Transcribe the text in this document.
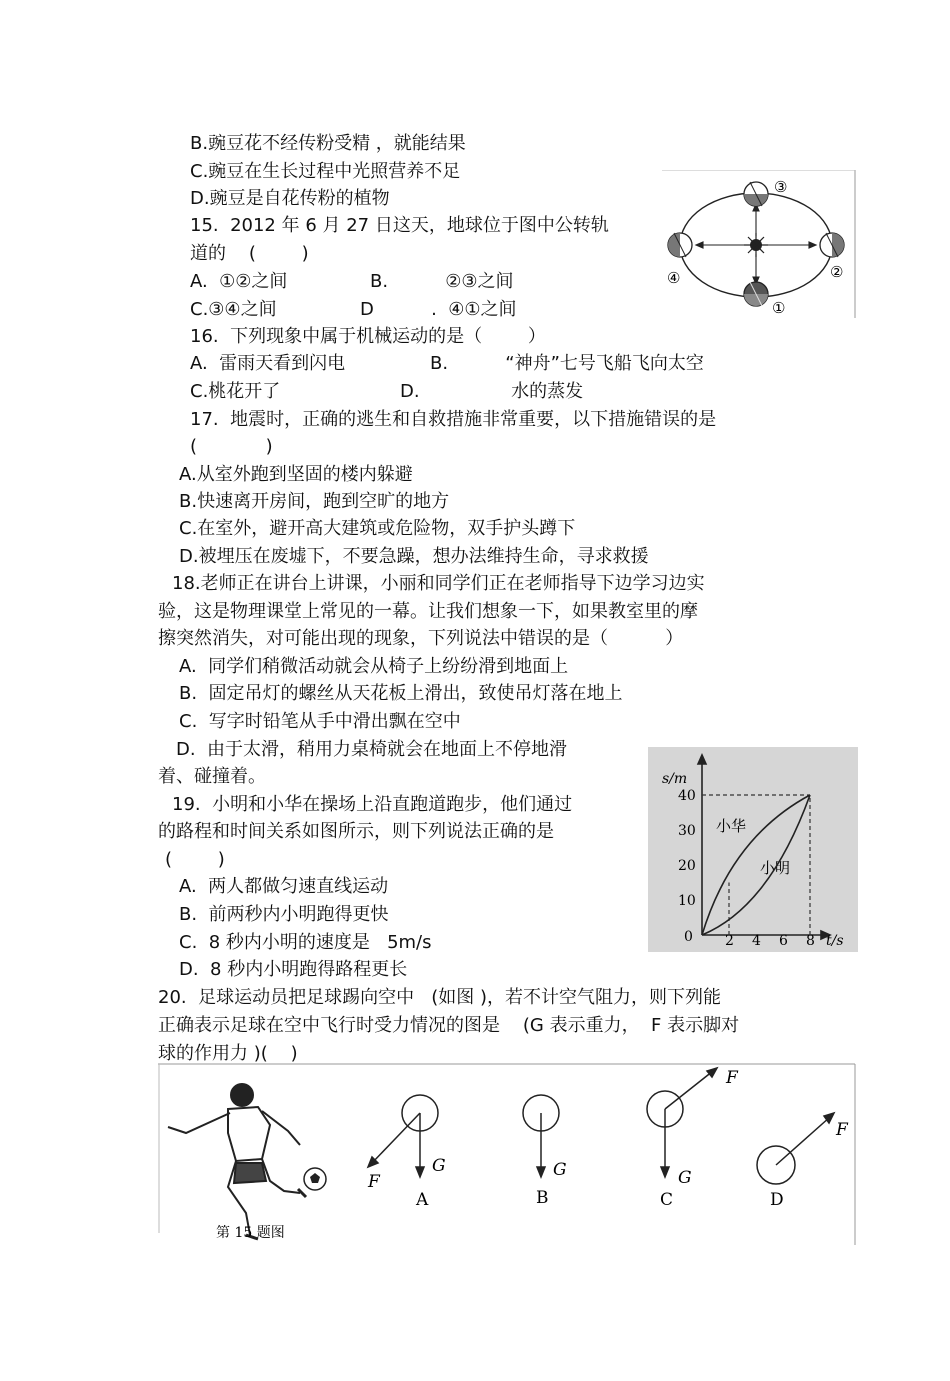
B.豌豆花不经传粉受精 ，就能结果
C.豌豆在生长过程中光照营养不足
D.豌豆是自花传粉的植物
15.  2012 年 6 月 27 日这天，地球位于图中公转轨
道的    (        )
A.  ①②之间	B.          ②③之间
C.③④之间	D          .  ④①之间
16.  下列现象中属于机械运动的是（        ）
A.  雷雨天看到闪电	B.          “神舟”七号飞船飞向太空
C.桃花开了	D.                水的蒸发
17.  地震时，正确的逃生和自救措施非常重要，以下措施错误的是
(            )
A.从室外跑到坚固的楼内躲避
B.快速离开房间，跑到空旷的地方
C.在室外，避开高大建筑或危险物，双手护头蹲下
D.被埋压在废墟下，不要急躁，想办法维持生命，寻求救援
18.老师正在讲台上讲课，小丽和同学们正在老师指导下边学习边实
验，这是物理课堂上常见的一幕。让我们想象一下，如果教室里的摩
擦突然消失，对可能出现的现象，下列说法中错误的是（          ）
A.  同学们稍微活动就会从椅子上纷纷滑到地面上
B.  固定吊灯的螺丝从天花板上滑出，致使吊灯落在地上
C.  写字时铅笔从手中滑出飘在空中
D.  由于太滑，稍用力桌椅就会在地面上不停地滑
着、碰撞着。
19.  小明和小华在操场上沿直跑道跑步，他们通过
的路程和时间关系如图所示，则下列说法正确的是
(        )
A.  两人都做匀速直线运动
B.  前两秒内小明跑得更快
C.  8 秒内小明的速度是   5m/s
D.  8 秒内小明跑得路程更长
20.  足球运动员把足球踢向空中   (如图 )，若不计空气阻力，则下列能
正确表示足球在空中飞行时受力情况的图是    (G 表示重力，  F 表示脚对
球的作用力 )(    )
③
②
①
④
s/m
t/s
0
10
20
30
40
2 4 6 8
小华
小明
G
F
A
G
B
G
F
C
F
D
第 15 题图
